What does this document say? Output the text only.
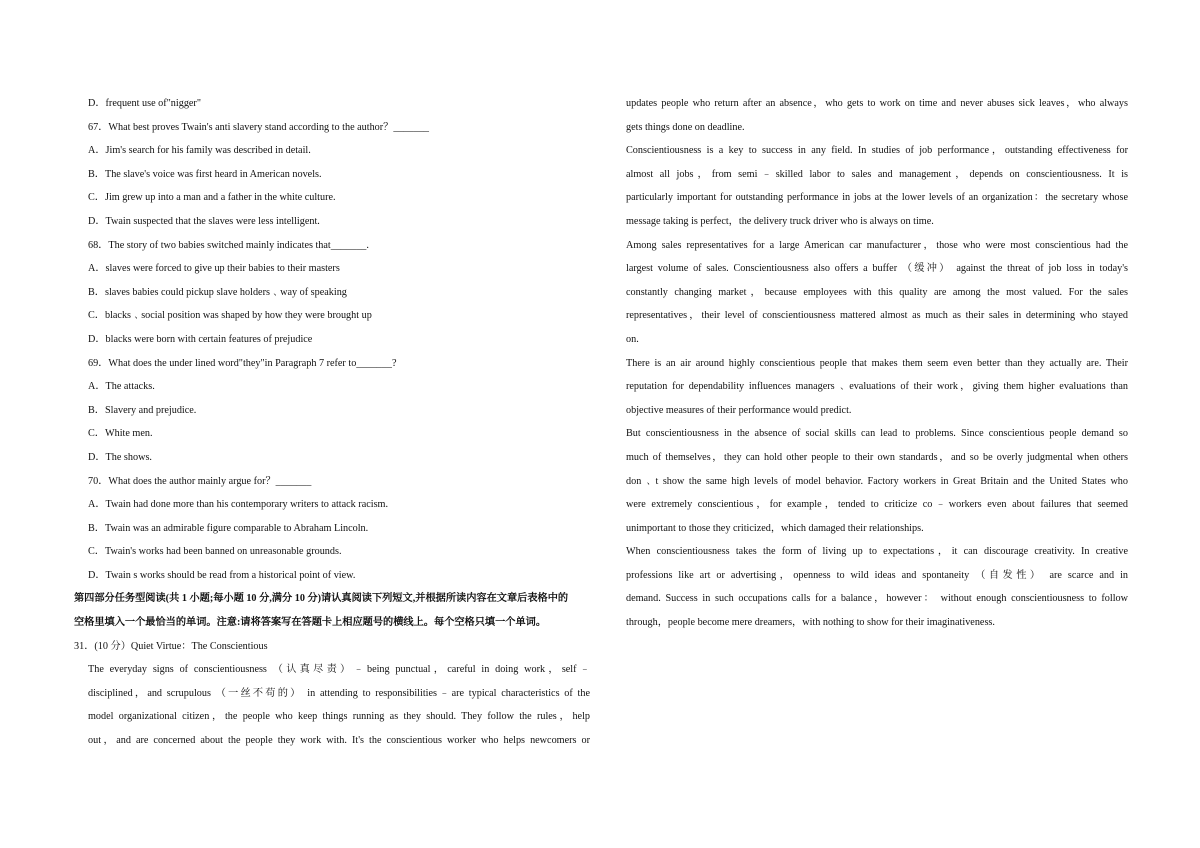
D．frequent use of"nigger"
67．What best proves Twain's anti slavery stand according to the author？_______
A．Jim's search for his family was described in detail.
B．The slave's voice was first heard in American novels.
C．Jim grew up into a man and a father in the white culture.
D．Twain suspected that the slaves were less intelligent.
68．The story of two babies switched mainly indicates that_______.
A．slaves were forced to give up their babies to their masters
B．slaves babies could pickup slave holders﹑way of speaking
C．blacks﹑social position was shaped by how they were brought up
D．blacks were born with certain features of prejudice
69．What does the under lined word"they"in Paragraph 7 refer to_______?
A．The attacks.
B．Slavery and prejudice.
C．White men.
D．The shows.
70．What does the author mainly argue for？_______
A．Twain had done more than his contemporary writers to attack racism.
B．Twain was an admirable figure comparable to Abraham Lincoln.
C．Twain's works had been banned on unreasonable grounds.
D．Twain s works should be read from a historical point of view.
第四部分任务型阅读(共 1 小题;每小题 10 分,满分 10 分)请认真阅读下列短文,并根据所读内容在文章后表格中的
空格里填入一个最恰当的单词。注意:请将答案写在答题卡上相应题号的横线上。每个空格只填一个单词。
31．(10 分）Quiet Virtue：The Conscientious
The everyday signs of conscientiousness （认真尽责）﹣being punctual，careful in doing work，self﹣
disciplined，and scrupulous （一丝不苟的） in attending to responsibilities﹣are typical characteristics of the
model organizational citizen，the people who keep things running as they should. They follow the rules，help
out，and are concerned about the people they work with. It's the conscientious worker who helps newcomers or
updates people who return after an absence，who gets to work on time and never abuses sick leaves，who always
gets things done on deadline.
Conscientiousness is a key to success in any field. In studies of job performance，outstanding effectiveness for
almost all jobs，from semi﹣skilled labor to sales and management，depends on conscientiousness. It is
particularly important for outstanding performance in jobs at the lower levels of an organization：the secretary whose
message taking is perfect，the delivery truck driver who is always on time.
Among sales representatives for a large American car manufacturer，those who were most conscientious had the
largest volume of sales. Conscientiousness also offers a buffer （缓冲） against the threat of job loss in today's
constantly changing market，because employees with this quality are among the most valued. For the sales
representatives，their level of conscientiousness mattered almost as much as their sales in determining who stayed
on.
There is an air around highly conscientious people that makes them seem even better than they actually are. Their
reputation for dependability influences managers﹑evaluations of their work，giving them higher evaluations than
objective measures of their performance would predict.
But conscientiousness in the absence of social skills can lead to problems. Since conscientious people demand so
much of themselves，they can hold other people to their own standards，and so be overly judgmental when others
don﹑t show the same high levels of model behavior. Factory workers in Great Britain and the United States who
were extremely conscientious，for example，tended to criticize co﹣workers even about failures that seemed
unimportant to those they criticized，which damaged their relationships.
When conscientiousness takes the form of living up to expectations，it can discourage creativity. In creative
professions like art or advertising，openness to wild ideas and spontaneity （自发性） are scarce and in
demand. Success in such occupations calls for a balance，however： without enough conscientiousness to follow
through，people become mere dreamers，with nothing to show for their imaginativeness.
